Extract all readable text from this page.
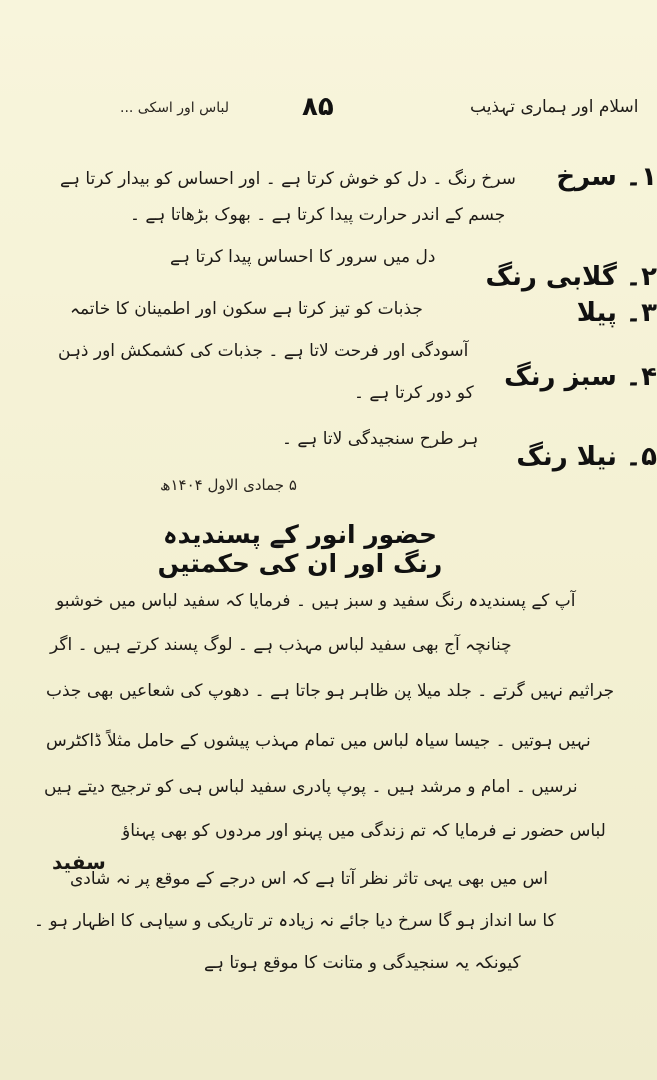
لباس اور اسکی ...	۸۵	اسلام اور ہماری تہذیب
۱۔ سرخ
۲۔ گلابی رنگ
۳۔ پیلا
۴۔ سبز رنگ
۵۔ نیلا رنگ
سرخ رنگ ۔ دل کو خوش کرتا ہے ۔ اور احساس کو بیدار کرتا ہے
جسم کے اندر حرارت پیدا کرتا ہے ۔ بھوک بڑھاتا ہے ۔
دل میں سرور کا احساس پیدا کرتا ہے
جذبات کو تیز کرتا ہے سکون اور اطمینان کا خاتمہ
آسودگی اور فرحت لاتا ہے ۔ جذبات کی کشمکش اور ذہن
کو دور کرتا ہے ۔
ہر طرح سنجیدگی لاتا ہے ۔
۵ جمادی الاول ۱۴۰۴ھ
حضور انور کے پسندیدہ رنگ اور ان کی حکمتیں
آپ کے پسندیدہ رنگ سفید و سبز ہیں ۔ فرمایا کہ سفید لباس میں خوشبو
چنانچہ آج بھی سفید لباس مہذب ہے ۔ لوگ پسند کرتے ہیں ۔ اگر
جراثیم نہیں گرتے ۔ جلد میلا پن ظاہر ہو جاتا ہے ۔ دھوپ کی شعاعیں بھی جذب
نہیں ہوتیں ۔ جیسا سیاہ لباس میں تمام مہذب پیشوں کے حامل مثلاً ڈاکٹرس
نرسیں ۔ امام و مرشد ہیں ۔ پوپ پادری سفید لباس ہی کو ترجیح دیتے ہیں
لباس حضور نے فرمایا کہ تم زندگی میں پہنو اور مردوں کو بھی پہناؤ
اس میں بھی یہی تاثر نظر آتا ہے کہ اس درجے کے موقع پر نہ شادی
کا سا انداز ہو گا سرخ دیا جائے نہ زیادہ تر تاریکی و سیاہی کا اظہار ہو ۔
کیونکہ یہ سنجیدگی و متانت کا موقع ہوتا ہے
سفید
